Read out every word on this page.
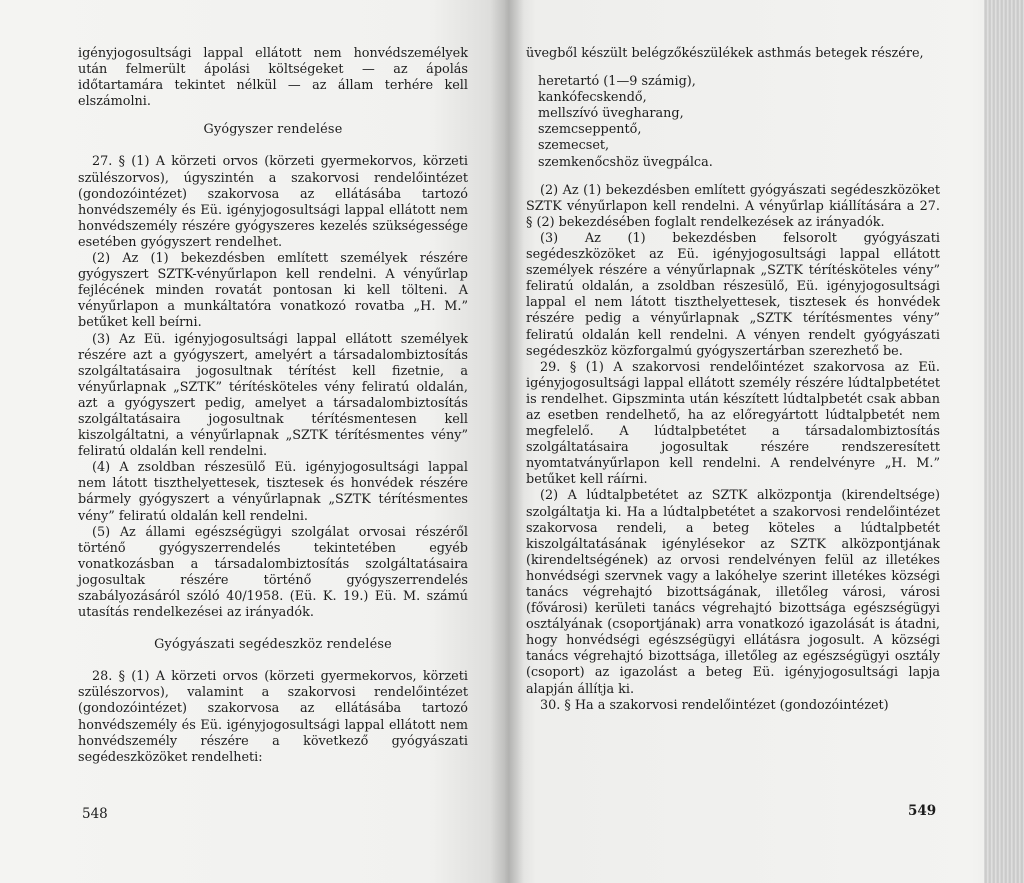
igényjogosultsági lappal ellátott nem honvédszemélyek után felmerült ápolási költségeket — az ápolás időtartamára tekintet nélkül — az állam terhére kell elszámolni.

Gyógyszer rendelése

27. § (1) A körzeti orvos (körzeti gyermekorvos, körzeti szülészorvos), úgyszintén a szakorvosi rendelőintézet (gondozóintézet) szakorvosa az ellátásába tartozó honvédszemély és Eü. igényjogosultsági lappal ellátott nem honvédszemély részére gyógyszeres kezelés szükségessége esetében gyógyszert rendelhet.

(2) Az (1) bekezdésben említett személyek részére gyógyszert SZTK-vényűrlapon kell rendelni. A vényűrlap fejlécének minden rovatát pontosan ki kell tölteni. A vényűrlapon a munkáltatóra vonatkozó rovatba „H. M.” betűket kell beírni.

(3) Az Eü. igényjogosultsági lappal ellátott személyek részére azt a gyógyszert, amelyért a társadalombiztosítás szolgáltatásaira jogosultnak térítést kell fizetnie, a vényűrlapnak „SZTK” térítésköteles vény feliratú oldalán, azt a gyógyszert pedig, amelyet a társadalombiztosítás szolgáltatásaira jogosultnak térítésmentesen kell kiszolgáltatni, a vényűrlapnak „SZTK térítésmentes vény” feliratú oldalán kell rendelni.

(4) A zsoldban részesülő Eü. igényjogosultsági lappal nem látott tiszthelyettesek, tisztesek és honvédek részére bármely gyógyszert a vényűrlapnak „SZTK térítésmentes vény” feliratú oldalán kell rendelni.

(5) Az állami egészségügyi szolgálat orvosai részéről történő gyógyszerrendelés tekintetében egyéb vonatkozásban a társadalombiztosítás szolgáltatásaira jogosultak részére történő gyógyszerrendelés szabályozásáról szóló 40/1958. (Eü. K. 19.) Eü. M. számú utasítás rendelkezései az irányadók.

Gyógyászati segédeszköz rendelése

28. § (1) A körzeti orvos (körzeti gyermekorvos, körzeti szülészorvos), valamint a szakorvosi rendelőintézet (gondozóintézet) szakorvosa az ellátásába tartozó honvédszemély és Eü. igényjogosultsági lappal ellátott nem honvédszemély részére a következő gyógyászati segédeszközöket rendelheti:

548

üvegből készült belégzőkészülékek asthmás betegek részére,

heretartó (1—9 számig),
kankófecskendő,
mellszívó üvegharang,
szemcseppentő,
szemecset,
szemkenőcshöz üvegpálca.

(2) Az (1) bekezdésben említett gyógyászati segédeszközöket SZTK vényűrlapon kell rendelni. A vényűrlap kiállítására a 27. § (2) bekezdésében foglalt rendelkezések az irányadók.

(3) Az (1) bekezdésben felsorolt gyógyászati segédeszközöket az Eü. igényjogosultsági lappal ellátott személyek részére a vényűrlapnak „SZTK térítésköteles vény” feliratú oldalán, a zsoldban részesülő, Eü. igényjogosultsági lappal el nem látott tiszthelyettesek, tisztesek és honvédek részére pedig a vényűrlapnak „SZTK térítésmentes vény” feliratú oldalán kell rendelni. A vényen rendelt gyógyászati segédeszköz közforgalmú gyógyszertárban szerezhető be.

29. § (1) A szakorvosi rendelőintézet szakorvosa az Eü. igényjogosultsági lappal ellátott személy részére lúdtalpbetétet is rendelhet. Gipszminta után készített lúdtalpbetét csak abban az esetben rendelhető, ha az előregyártott lúdtalpbetét nem megfelelő. A lúdtalpbetétet a társadalombiztosítás szolgáltatásaira jogosultak részére rendszeresített nyomtatványűrlapon kell rendelni. A rendelvényre „H. M.” betűket kell ráírni.

(2) A lúdtalpbetétet az SZTK alközpontja (kirendeltsége) szolgáltatja ki. Ha a lúdtalpbetétet a szakorvosi rendelőintézet szakorvosa rendeli, a beteg köteles a lúdtalpbetét kiszolgáltatásának igénylésekor az SZTK alközpontjának (kirendeltségének) az orvosi rendelvényen felül az illetékes honvédségi szervnek vagy a lakóhelye szerint illetékes községi tanács végrehajtó bizottságának, illetőleg városi, városi (fővárosi) kerületi tanács végrehajtó bizottsága egészségügyi osztályának (csoportjának) arra vonatkozó igazolását is átadni, hogy honvédségi egészségügyi ellátásra jogosult. A községi tanács végrehajtó bizottsága, illetőleg az egészségügyi osztály (csoport) az igazolást a beteg Eü. igényjogosultsági lapja alapján állítja ki.

30. § Ha a szakorvosi rendelőintézet (gondozóintézet)

549
